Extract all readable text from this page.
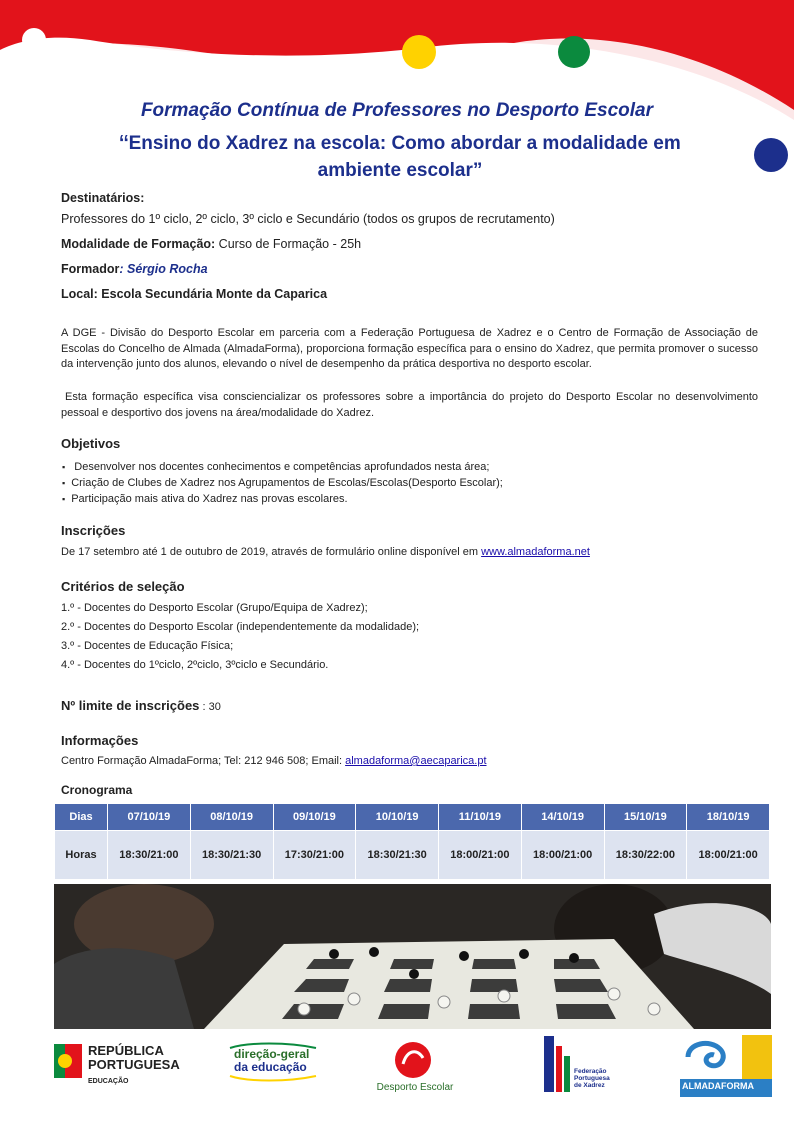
Formação Contínua de Professores no Desporto Escolar
“Ensino do Xadrez na escola: Como abordar a modalidade em
ambiente escolar”
Destinatários:
Professores do 1º ciclo, 2º ciclo, 3º ciclo e Secundário (todos os grupos de recrutamento)
Modalidade de Formação: Curso de Formação - 25h
Formador: Sérgio Rocha
Local: Escola Secundária Monte da Caparica
A DGE - Divisão do Desporto Escolar em parceria com a Federação Portuguesa de Xadrez e o Centro de Formação de Associação de Escolas do Concelho de Almada (AlmadaForma), proporciona formação específica para o ensino do Xadrez, que permita promover o sucesso da intervenção junto dos alunos, elevando o nível de desempenho da prática desportiva no desporto escolar.
Esta formação específica visa consciencializar os professores sobre a importância do projeto do Desporto Escolar no desenvolvimento pessoal e desportivo dos jovens na área/modalidade do Xadrez.
Objetivos
▪ Desenvolver nos docentes conhecimentos e competências aprofundados nesta área;
▪ Criação de Clubes de Xadrez nos Agrupamentos de Escolas/Escolas(Desporto Escolar);
▪ Participação mais ativa do Xadrez nas provas escolares.
Inscrições
De 17 setembro até 1 de outubro de 2019, através de formulário online disponível em www.almadaforma.net
Critérios de seleção
1.º - Docentes do Desporto Escolar (Grupo/Equipa de Xadrez);
2.º - Docentes do Desporto Escolar (independentemente da modalidade);
3.º - Docentes de Educação Física;
4.º - Docentes do 1ºciclo, 2ºciclo, 3ºciclo e Secundário.
Nº limite de inscrições : 30
Informações
Centro Formação AlmadaForma; Tel: 212 946 508; Email: almadaforma@aecaparica.pt
Cronograma
Dias	07/10/19	08/10/19	09/10/19	10/10/19	11/10/19	14/10/19	15/10/19	18/10/19
Horas	18:30/21:00	18:30/21:30	17:30/21:00	18:30/21:30	18:00/21:00	18:00/21:00	18:30/22:00	18:00/21:00
REPÚBLICA
PORTUGUESA
EDUCAÇÃO
direção-geral
da educação
Desporto Escolar
Federação
Portuguesa
de Xadrez	ALMADAFORMA
